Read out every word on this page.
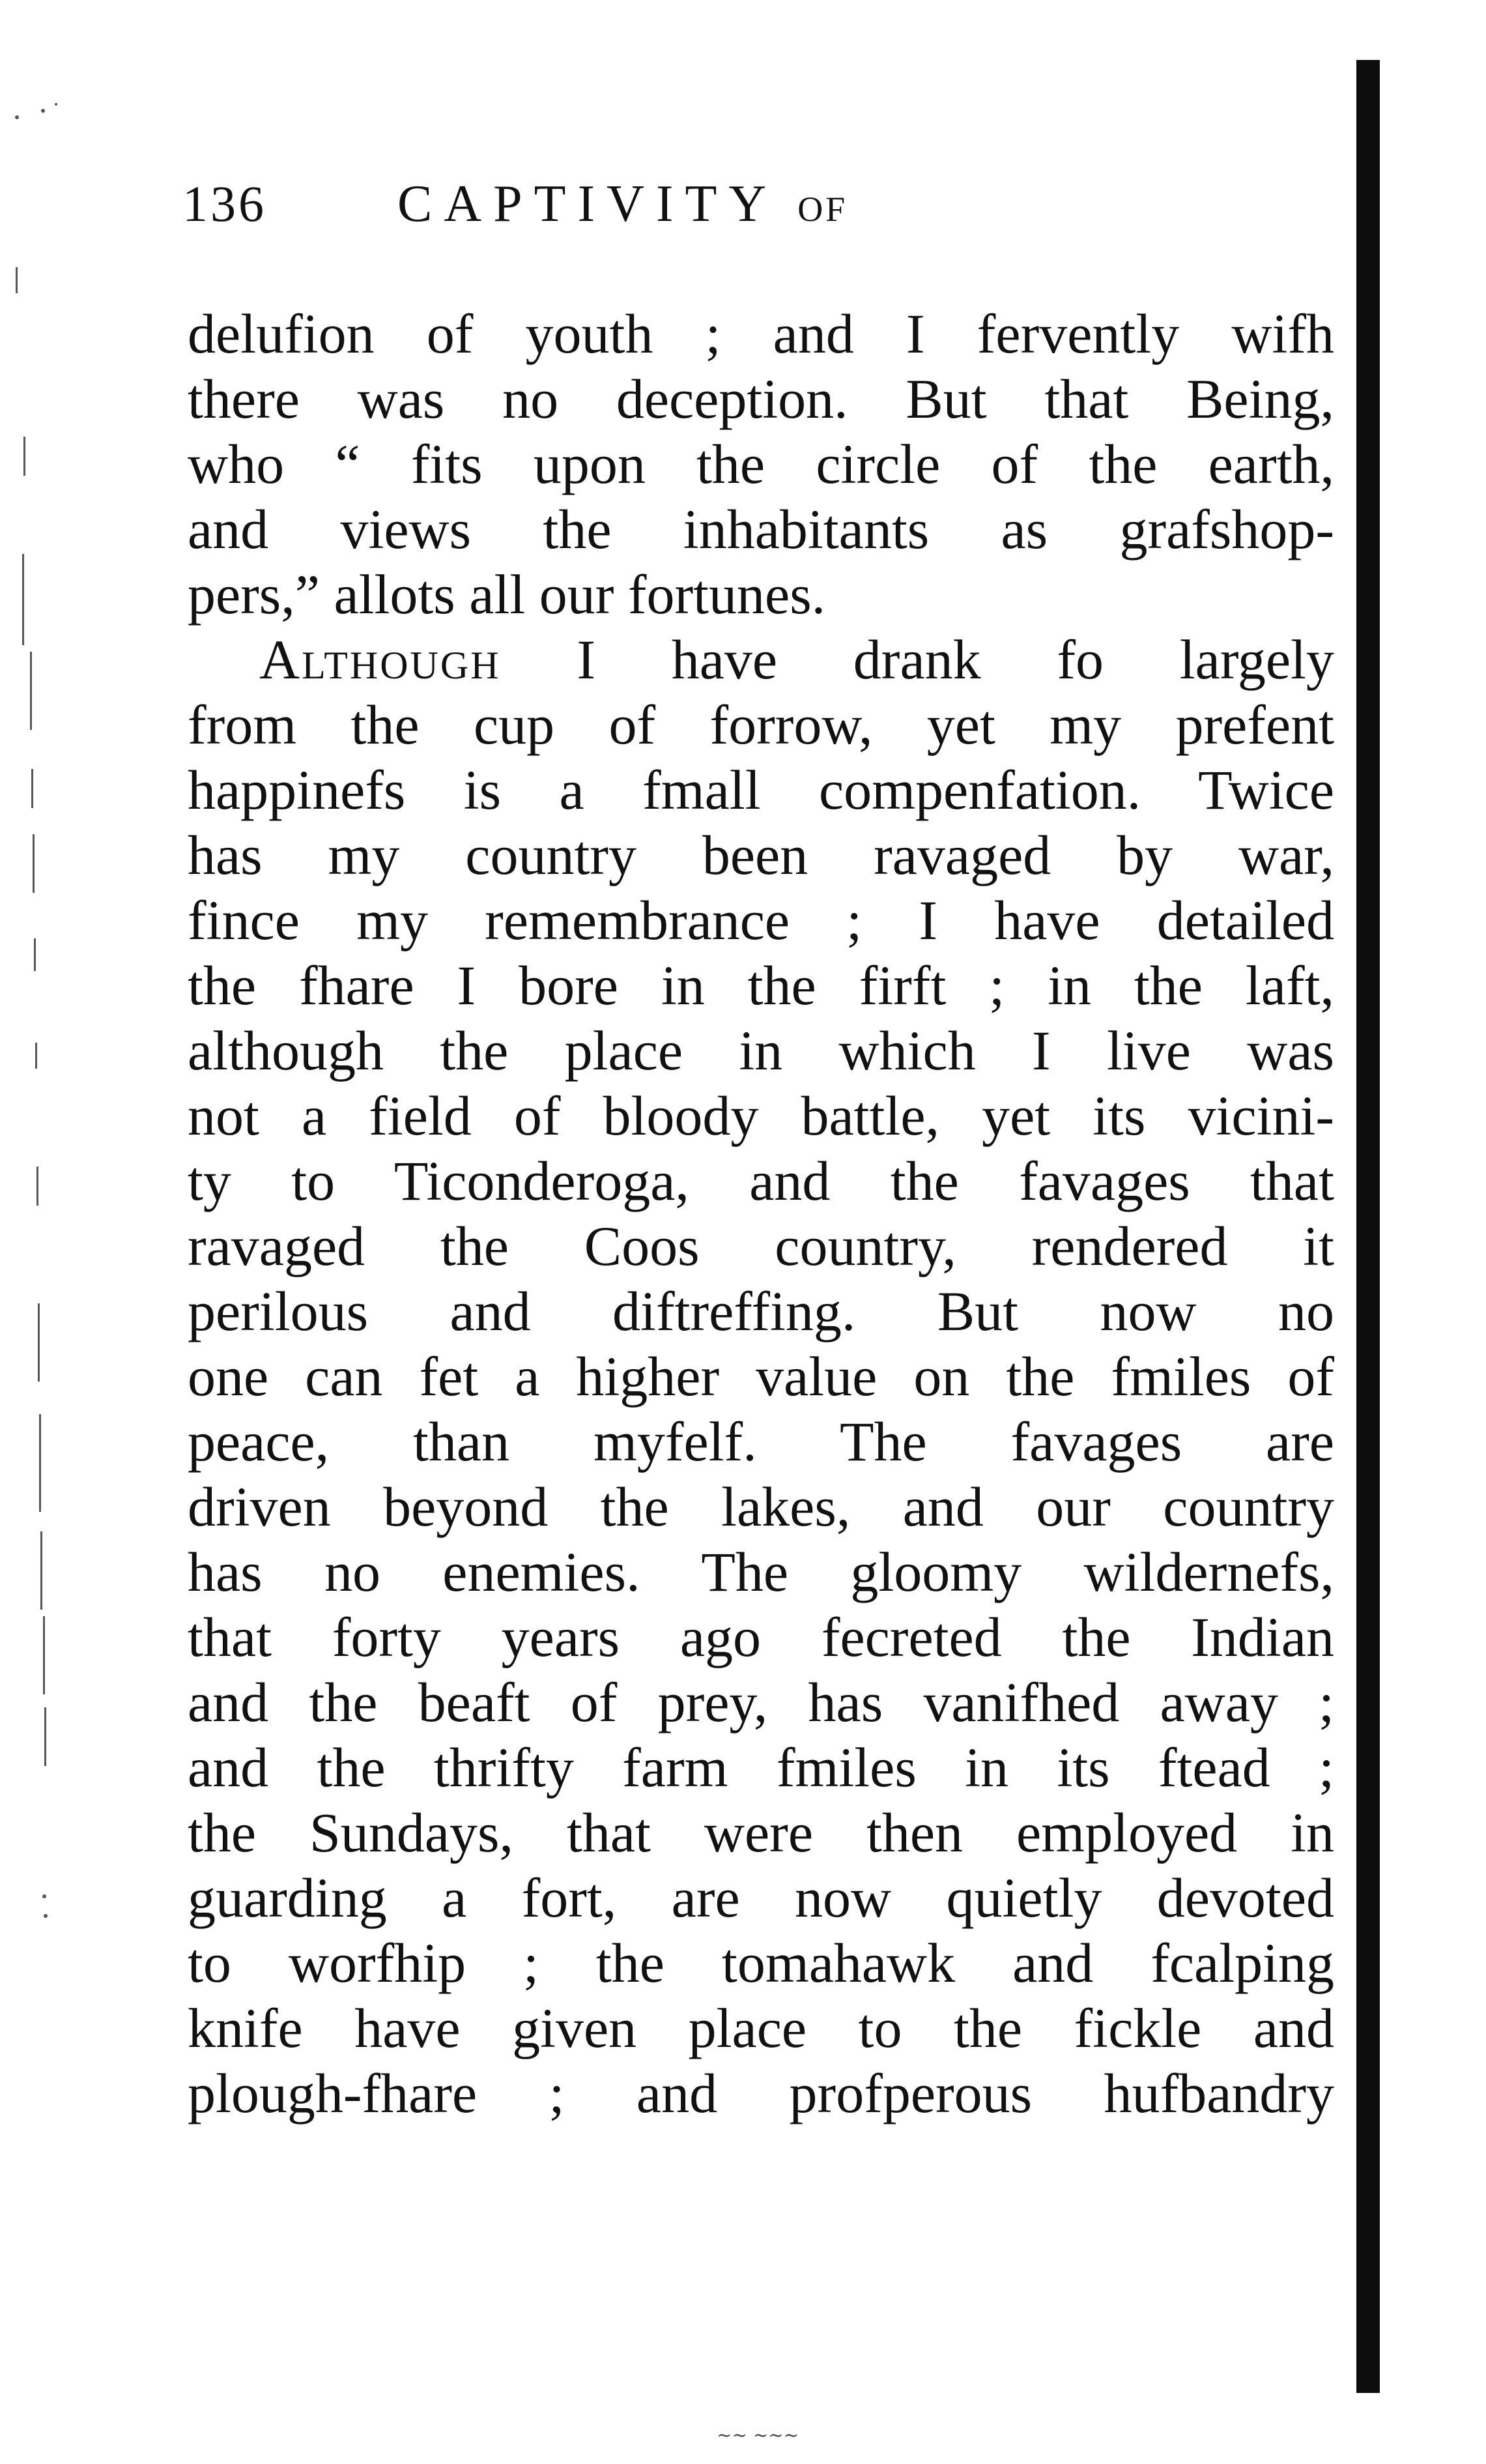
136	CAPTIVITY OF
delufion of youth ; and I fervently wifh
there was no deception. But that Being,
who “ fits upon the circle of the earth,
and views the inhabitants as grafshop-
pers,” allots all our fortunes.
Although I have drank fo largely
from the cup of forrow, yet my prefent
happinefs is a fmall compenfation. Twice
has my country been ravaged by war,
fince my remembrance ; I have detailed
the fhare I bore in the firft ; in the laft,
although the place in which I live was
not a field of bloody battle, yet its vicini-
ty to Ticonderoga, and the favages that
ravaged the Coos country, rendered it
perilous and diftreffing. But now no
one can fet a higher value on the fmiles of
peace, than myfelf. The favages are
driven beyond the lakes, and our country
has no enemies. The gloomy wildernefs,
that forty years ago fecreted the Indian
and the beaft of prey, has vanifhed away ;
and the thrifty farm fmiles in its ftead ;
the Sundays, that were then employed in
guarding a fort, are now quietly devoted
to worfhip ; the tomahawk and fcalping
knife have given place to the fickle and
plough-fhare ; and profperous hufbandry
~~ ~~~
